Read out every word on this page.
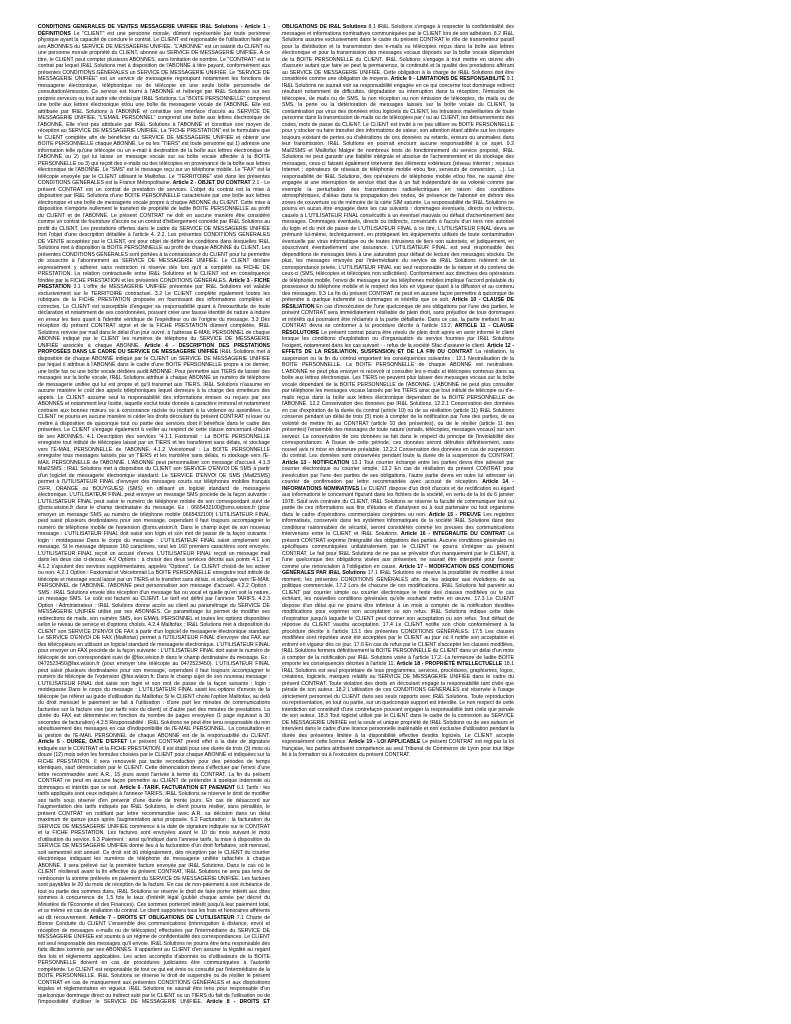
CONDITIONS GENERALES DE VENTES MESSAGERIE UNIFIEE IR&L Solutions - Article 1 - DÉFINITIONS Le "CLIENT" est une personne morale, dûment représentée par toute personne physique ayant la capacité de conclure le contrat. Le CLIENT est responsable de l'utilisation faite par ses ABONNES du SERVICE DE MESSAGERIE UNIFIÉE. "L'ABONNE" est un salarié du CLIENT ou une personne morale propriété du CLIENT, abonné au SERVICE DE MESSAGERIE UNIFIÉE. A ce titre, le CLIENT peut compter plusieurs ABONNES, sans limitation de nombre. Le "CONTRAT" est le contrat par lequel IR&L Solutions met à disposition de l'ABONNÉ à titre payant, conformément aux présentes CONDITIONS GÉNÉRALES un SERVICE DE MESSAGERIE UNIFIÉE. Le "SERVICE DE MESSAGERIE UNIFIÉE" est un service de messagerie regroupant notamment les fonctions de messagerie électronique, téléphonique ou de télécopie en une seule boîte personnelle de consultation/émission. Ce service est fourni à l'ABONNÉ et hébergé par IR&L Solutions sur ses propres serveurs ou tout autre site choisi par IR&L Solutions. La "BOITE PERSONNELLE" comprend une boîte aux lettres électronique et/ou une boîte de messagerie vocale de l'ABONNÉ. Elle est attribuée par IR&L Solutions à l'ABONNÉ et constitue son interface d'accès au SERVICE DE MESSAGERIE UNIFIÉE. "L'EMAIL PERSONNEL" comprend une boîte aux lettres électronique de l'ABONNÉ. Elle n'est pas attribuée par IR&L Solutions à l'ABONNÉ et constitue son moyen de réception au SERVICE DE MESSAGERIE UNIFIÉE. La "FICHE PRESTATION" est le formulaire que le CLIENT complète afin de bénéficier du SERVICE DE MESSAGERIE UNIFIÉE et obtenir une BOITE PERSONNELLE chaque ABONNÉ. Le ou les "TIERS" est toute personne qui 1) adresse une information telle qu'une télécopie ou un e-mail à destination de la boîte aux lettres électronique de l'ABONNÉ ou 2) qui lui laisse un message vocale sur sa boîte vocale affectée à la BOITE PERSONNELLE ou 3) qui reçoit des e-mails ou des télécopies en provenance de la boîte aux lettres électronique de l'ABONNÉ. Le "SMS" est le message reçu sur un téléphone mobile. Le "FAX" est la télécopie envoyée par le CLIENT utilisant le Mailtofax. Le "TERRITOIRE" visé dans les présentes CONDITIONS GÉNÉRALES est la France Métropolitaine. Article 2 - OBJET DU CONTRAT 2.1 - Le présent CONTRAT est un contrat de prestation de services. L'objet du contrat est la mise à disposition par IR&L Solutions d'une BOITE PERSONNELLE caractérisée par une boîte aux lettres électronique et une boîte de messagerie vocale propre à chaque ABONNÉ du CLIENT. Cette mise à disposition n'emporte nullement le transfert de propriété de ladite BOITE PERSONNELLE au profit du CLIENT et de l'ABONNÉ. Le présent CONTRAT ne doit en aucune manière être considéré comme un contrat de fourniture d'accès ou un contrat d'hébergement concédé par IR&L Solutions au profit du CLIENT. Les prestations offertes dans le cadre du SERVICE DE MESSAGERIE UNIFIÉE font l'objet d'une description détaillée à l'article 4. 2.2. Les présentes CONDITIONS GÉNÉRALES DE VENTE acceptées par le CLIENT, ont pour objet de définir les conditions dans lesquelles IR&L Solutions met à disposition la BOITE PERSONNELLE au profit de chaque ABONNÉ du CLIENT. Les présentes CONDITIONS GÉNÉRALES sont portées à la connaissance du CLIENT pour lui permettre de souscrire à l'abonnement au SERVICE DE MESSAGERIE UNIFIÉE. Le CLIENT déclare expressément y adhérer sans restriction ni réserve dès lors qu'il a complété sa FICHE DE PRESTATION. La relation contractuelle entre IR&L Solutions et le CLIENT est en conséquence fondée par la FICHE PRESTATION et les présentes CONDITIONS GÉNÉRALES. Article 3 - FICHE PRESTATION 3.1 L'offre de MESSAGERIE UNIFIÉE présentée par IR&L Solutions est valable exclusivement sur le TERRITOIRE contractuel. 3.2 Le CLIENT complète également toutes les rubriques de la FICHE PRESTATION proposée en fournissant des informations complètes et correctes. Le CLIENT est susceptible d'engager sa responsabilité quant à l'inexactitude de toute déclaration et notamment de ses coordonnées, pouvant créer une fausse identité de nature à induire en erreur les tiers quant à l'identité véridique de l'expéditeur ou de l'origine du message. 3.3 Dès réception du présent CONTRAT signé et de la FICHE PRESTATION dûment complétée, IR&L Solutions renvoie par mail dans le délai d'un jour ouvré, à l'adresse E-MAIL PERSONNEL de chaque ABONNÉ indiqué par le CLIENT les numéros de téléphone du SERVICE DE MESSAGERIE UNIFIÉE associés à chaque ABONNÉ. Article 4 - DESCRIPTION DES PRESTATIONS PROPOSÉES DANS LE CADRE DU SERVICE DE MESSAGERIE UNIFIÉE IR&L Solutions met à disposition de chaque ABONNÉ indiqué par le CLIENT un SERVICE DE MESSAGERIE UNIFIÉE par lequel il attribue à l'ABONNÉ dans le cadre d'une BOITE PERSONNELLE propre à ce dernier, une boîte fax ou une boîte vocale dédiées audit ABONNÉ. Pour permettre aux TIERS de laisser des messages sur la boîte vocale, IR&L Solutions attribue à chaque ABONNÉ un numéro de téléphone de messagerie unifiée qui lui est propre et qu'il transmet aux TIERS. IR&L Solutions n'assume en aucune manière le coût des appels téléphoniques lequel demeure à la charge des émetteurs des appels. Le CLIENT assume seul la responsabilité des informations émises ou reçues par ses ABONNÉS et notamment leur licéité, laquelle exclut toute donnée à caractère immoral et notamment contraire aux bonnes mœurs ou à consonance raciste ou incitant à la violence ou assimilées. Le CLIENT ne pourra en aucune manière ni céder les droits découlant du présent CONTRAT ni louer ou mettre à disposition de quiconque tout ou partie des services dont il bénéficie dans le cadre des présentes. Le CLIENT s'engage également à veiller au respect de cette clause concernant chacun de ses ABONNÉS. 4.1 Description des services "4.1.1 Faxtomail : La BOITE PERSONNELLE enregistre tout intitulé de télécopies laissé par un TIERS et les transfèrent sans délais, ni stockage vers l'E-MAIL PERSONNELLE de l'ABONNÉ. 4.1.2 Voicetomail : La BOITE PERSONNELLE enregistre tous messages laissés par un TIERS et les transfère sans délais, ni stockage vers l'E-MAIL PERSONNELLE de l'ABONNÉ. L'ABONNÉ peut personnaliser son message d'accueil. 4.1.3 Mail2SMS : IR&L Solutions met à disposition du CLIENT son SERVICE D'ENVOI DE SMS à partir d'un logiciel de messagerie électronique standard. Le SERVICE D'ENVOI DE SMS (Mail2SMS) permet à l'UTILISATEUR FINAL d'envoyer des messages courts sur téléphones mobiles français (SFR, ORANGE ou BOUYGUES) (SMS) en utilisant un logiciel standard de messagerie électronique. L'UTILISATEUR FINAL peut envoyer un message SMS procède de la façon suivante : L'UTILISATEUR FINAL peut saisir le numéro de téléphone mobile de son correspondant suivi de @sms.wision.fr dans le champ destinataire du message. Ex : 0665432100@sms.wision.fr (pour envoyer un message SMS au numéro de téléphone mobile 0665432100) L'UTILISATEUR FINAL peut saisir plusieurs destinataires pour son message, cependant il faut toujours accompagner le numéro de téléphone mobile de l'extension @sms.wision.fr. Dans le champ sujet de son nouveau message : L'UTILISATEUR FINAL doit saisir son login et son mot de passe de la façon suivante : login : motdepasse Dans le corps du message : L'UTILISATEUR FINAL saisit simplement son message. Si le message dépasse 160 caractères, seul les 160 premiers caractères sont envoyés. L'UTILISATEUR FINAL reçoit un accusé d'envoi. L'UTILISATEUR FINAL reçoit un message mail dans les deux cas ci-dessus. 4.2 Options : à choisir des deux services décrits aux points 4.1.1 et 4.1.2 s'ajoutent des services supplémentaires, appelés "Options". Le CLIENT choisit de les activer ou non. 4.2.1 Option : Faxtomail et Voicetomail La BOITE PERSONNELLE enregistre tout intitulé de télécopie et message vocal laissé par un TIERS et le transfert sans délais, ni stockage vers l'E-MAIL PERSONNEL de l'ABONNÉ. l'ABONNÉ peut personnaliser son message d'accueil. 4.2.2 Option : SMS : IR&L Solutions envoie dès réception d'un message fax ou vocal et quelle qu'en soit la nature, un message SMS. Le coût est facturé au CLIENT. Le tarif est défini par l'annexe TARIFS. 4.2.3 Option : Administrateur : IR&L Solutions donne accès au client au paramétrage du SERVICE DE MESSAGERIE UNIFIÉE utilisé par ses ABONNÉS. Ce paramétrage lui permet de modifier ses redirections de mails, son numéro SMS, son EMAIL PERSONNEL et toutes les options disponibles selon le niveau de service et d'options choisis. 4.2.4 Mailtofax : IR&L Solutions met à disposition du CLIENT son SERVICE D'ENVOI DE FAX à partir d'un logiciel de messagerie électronique standard. Le SERVICE D'ENVOI DE FAX (Mailtofax) permet à l'UTILISATEUR FINAL d'envoyer des FAX sur des télécopieurs en utilisant un logiciel standard de messagerie électronique. L'UTILISATEUR FINAL pour envoyer un FAX procède de la façon suivante : L'UTILISATEUR FINAL doit saisir le numéro de télécopie de son correspondant suivi de @fax.wision.fr dans le champ destinataire du message. Ex : 0472523450@fax.wision.fr (pour envoyer une télécopie au 0472523450). L'UTILISATEUR FINAL peut saisir plusieurs destinataires pour son message, cependant il faut toujours accompagner le numéro de télécopie de l'extension @fax.wision.fr. Dans le champ sujet de son nouveau message : L'UTILISATEUR FINAL doit saisir son login et son mot de passe de la façon suivante : login : motdepasse Dans le corps du message : L'UTILISATEUR FINAL saisit les options d'envois de la télécopie (se référer au guide d'utilisation du Mailtofax Si le CLIENT choisi l'option Mailtofax, au delà du droit mensuel le paiement se fait à l'utilisation : d'une part les minutes de communications facturées sur la facture voix (sur tarifs voix du client) et d'autre part des minutes de prestations. La durée du FAX est déterminée en fonction du nombre de pages envoyées (1 page équivaut à 30 secondes de facturation) 4.2.5 Responsabilité : IR&L Solutions ne peut être tenu responsable du non aboutissement des messages en cas d'indisponibilité de l'E-MAIL PERSONNEL. La consultation et la gestion de l'E-MAIL PERSONNEL de chaque ABONNÉ est de la responsabilité du CLIENT. Article 5 - DURÉE, DATE D'EFFET Le présent CONTRAT prend effet à la date de signature indiquée sur le CONTRAT et la FICHE PRESTATION. Il est établi pour une durée de trois (3) mois ou douze (12) mois selon les formules choisies par le CLIENT pour chaque ABONNÉ et indiquées sur la FICHE PRESTATION. Il sera renouvelé par tacite reconduction pour des périodes de temps identiques, sauf dénonciation par le CLIENT. Cette dénonciation devra s'effectuer par l'envoi d'une lettre recommandée avec A.R., 15 jours avant l'arrivée à terme du CONTRAT. La fin du présent CONTRAT ne peut en aucune façon permettre au CLIENT de prétendre à quelque indemnité ou dommages et intérêts que ce soit. Article 6 -TARIF, FACTURATION ET PAIEMENT 6.1 Tarifs : les tarifs appliqués sont ceux indiqués à l'annexe TARIFS. IR&L Solutions se réserve le droit de modifier ses tarifs sous réserve d'en prévenir d'une durée de trente jours. En cas de désaccord sur l'augmentation des tarifs indiqués par IR&L Solutions, le client pourra résilier, sans pénalités, le présent CONTRAT en notifiant par lettre recommandée avec A.R. sa décision dans un délai maximum de quinze jours après l'augmentation ainsi proposée. 6.2 Facturation : la facturation du SERVICE DE MESSAGERIE UNIFIÉE commence à la date de signature indiquée sur le CONTRAT et la FICHE PRESTATION. Les factures sont envoyées avant le 10 du mois suivant le mois d'utilisation du service. 6.3 Paiement : ainsi qu'indiqué dans l'annexe tarifs, la mise à disposition du SERVICE DE MESSAGERIE UNIFIÉE donne lieu à la facturation d'un droit forfaitaire, soit mensuel, soit semestriel soit annuel. Ce droit est dû intégralement, dès réception par le CLIENT du courrier électronique indiquant les numéros de téléphone de messagerie unifiée rattachés à chaque ABONNÉ. Il sera prélevé sur la première facture envoyée par IR&L Solutions. Dans le cas où le CLIENT résilierait avant la fin effective du présent CONTRAT, IR&L Solutions ne sera pas tenu de rembourser la somme prélevée en paiement du SERVICE DE MESSAGERIE UNIFIÉE. Les factures sont payables le 20 du mois de réception de la facture. En cas de non-paiement à son échéance de tout ou partie des sommes dues, IR&L Solutions se réserve le droit de faire porter intérêt aux dites sommes à concurrence de 1,5 fois le taux d'intérêt légal (publié chaque année par décret du Ministère de l'Économie et des Finances). Ces sommes porteront intérêt jusqu'à leur paiement total, et ce même en cas de résiliation du contrat. Le client supportera tous les frais et honoraires afférents au dit recouvrement. Article 7 - DROITS ET OBLIGATIONS DE L'UTILISATEUR 7.1 Charte de Bonne Conduite du CLIENT L'ensemble des communications (interrogation à distance, envoi et réception de messages e-mails ou de télécopies) effectuées par l'intermédiaire du SERVICE DE MESSAGERIE UNIFIÉE est soumis à un régime de confidentialité des correspondances. Le CLIENT est seul responsable des messages qu'il envoie. IR&L Solutions ne pourra être tenu responsable des faits illicites commis par ses ABONNÉS. Il appartient au CLIENT d'en assurer la légalité au regard des lois et règlements applicables. Les actes accomplis d'abonnés ou d'utilisateurs de la BOITE PERSONNELLE doivent en cas de procédures judiciaires être communiquées à l'autorité compétente. Le CLIENT est responsable de tout ce qui est émis ou consulté par l'intermédiaire de la BOITE PERSONNELLE. IR&L Solutions se réserve le droit de suspendre ou de résilier le présent CONTRAT en cas de manquement aux présentes CONDITIONS GÉNÉRALES et aux dispositions légales et réglementaires en vigueur. IR&L Solutions ne saurait être tenu pour responsable d'un quelconque dommage direct ou indirect subi par le CLIENT ou un TIERS du fait de l'utilisation ou de l'impossibilité d'utiliser le SERVICE DE MESSAGERIE UNIFIÉE. Article 8 - DROITS ET OBLIGATIONS DE IR&L Solutions 8.1 IR&L Solutions s'engage à respecter la confidentialité des messages et informations nominatives communiquées par le CLIENT lors de son adhésion. 8.2 IR&L Solutions assume exclusivement dans le cadre du présent CONTRAT le rôle de transmetteur passif pour la distribution et la transmission des e-mails ou télécopies reçus dans la boîte aux lettres électronique et pour la transmission des messages vocaux déposés sur la boîte vocale dépendant de la BOITE PERSONNELLE du CLIENT. IR&L Solutions s'engage à tout mettre en œuvre afin d'assurer autant que faire se peut la permanence, la continuité et la qualité des prestations afférant au SERVICE DE MESSAGERIE UNIFIÉE. Cette obligation à la charge de IR&L Solutions doit être considérée comme une obligation de moyens. Article 9 - LIMITATIONS DE RESPONSABILITÉ 9.1 IR&L Solutions ne saurait voir sa responsabilité engagée en ce qui concerne tout dommage indirect résultant notamment de difficultés, dégradation ou interruption dans la réception, l'émission de télécopies, de mails ou de SMS, la non réception ou non émission de télécopies, de mails ou de SMS, la perte ou la détérioration de messages laissés sur la boîte vocale du CLIENT, la contamination par virus des données et/ou logiciels du CLIENT, les intrusions malveillantes de toute personne dans la transmission de mails ou de télécopies par / ou au CLIENT, les détournements des codes, mots de passe du CLIENT. Le CLIENT est invité à ne pas utiliser sa BOITE PERSONNELLE pour y stocker ou faire transiter des informations de valeur, son attention étant attirée sur les risques toujours existant de pertes ou d'altérations de ces données ou retards, erreurs ou anomalies dans leur transmission. IR&L Solutions en pourrait encourir aucune responsabilité à ce sujet. 9.2 Mail2SMS et Mailtofax Malgré de nombreux tests de fonctionnement du service proposé, IR&L Solutions ne peut garantir une fiabilité intégrale et absolue de l'acheminement et du stockage des messages, ceux-ci faisant également intervenir des éléments extérieurs (réseau internet ; réseaux Internet ; opérateurs de réseaux de téléphonie mobile et/ou fixe, serveurs de conversion, ...). La responsabilité de IR&L Solutions, des opérateurs de téléphonie mobile et/ou fixe, ne saurait être engagée si une interruption de service était due à un fait indépendant de sa volonté comme par exemple la perturbation des transmissions radioélectriques en raison des conditions atmosphériques, d'aléas dans la propagation des ondes, de présence de l'abonné en dehors des zones de couverture ou de mémoire de la carte SIM saturée. La responsabilité de IR&L Solutions ne pourra en aucun être engagée dans les cas suivants : dommages éventuels, directs ou indirects, causés à L'UTILISATEUR FINAL consécutifs à un éventuel mauvais ou défaut d'acheminement des messages. Dommages éventuels, directs ou indirects, consécutifs à l'accès d'un tiers non autorisé du login et du mot de passe de L'UTILISATEUR FINAL à ce titre, L'UTILISATEUR FINAL devra se prémunir lui-même, techniquement, en protégeant les équipements utilisés de toute contamination éventuelle par virus informatique ou de toutes intrusions de tiers non autorisés, et judiquement, en souscrivant éventuellement une assurance. L'UTILISATEUR FINAL est seul responsable des dépenditions de messages liées à une saturation pour défaut de lecture des messages stockés. De plus, les messages envoyés par l'intermédiaire du service de IR&L Solutions relèvent de la correspondance privée, L'UTILISATEUR FINAL est seul responsable de la nature et du contenu de ceux-ci (SMS, télécopies et télécopies non sollicitées). Conformément aux directives des opérateurs de téléphonie mobile, l'envoi de messages sur les téléphones mobiles implique l'accord préalable du possesseur du téléphone mobile et le respect des lois en vigueur quant à la diffusion et au contenu des messages. 9.3 La fin du présent CONTRAT ne peut en aucune façon permettre à quiconque de prétendre à quelque indemnité ou dommages et intérêts que ce soit. Article 10 - CLAUSE DE RÉSILIATION En cas d'inexécution de l'une quelconque de ses obligations par l'une des parties, le présent CONTRAT sera immédiatement résiliable de plein droit, sans préjudice de tous dommages et intérêts qui pourraient être réclamés à la partie défaillante. Dans ce cas, la partie mettant fin au CONTRAT devra se conformer à la procédure décrite à l'article 13.2. ARTICLE 11 - CLAUSE RÉSOLUTOIRE Le présent contrat pourra être résolu de plein droit après en avoir informé le client lorsque les conditions d'exploitation ou d'organisation du service fournies par IR&L Solutions l'exigent, notamment dans les cas suivant : - refus de la société Sfac d'assurer le client. Article 12 - EFFETS DE LA RÉSILIATION, SUSPENSION ET DE LA FIN DU CONTRAT La résiliation, la suspension ou la fin du contrat emportent les conséquences suivantes : 12.1 Neutralisation de la BOITE PERSONNELLE. La BOITE PERSONNELLE de chaque ABONNÉ est neutralisée. L'ABONNÉ ne peut plus envoyer ni recevoir ni consulter les e-mails et télécopies contenus dans sa boîte aux lettres électronique. Les TIERS ne peuvent plus laisser des messages vocaux sur la boîte vocale dépendant de la BOITE PERSONNELLE de l'ABONNÉ. L'ABONNÉ ne peut plus consulter par téléphone les messages vocaux laissés par les TIERS ainsi que tout intitulé de télécopie ou d'e-mails reçus dans la boîte aux lettres électronique dépendant de la BOITE PERSONNELLE de l'ABONNÉ. 12.2 Conservation des données par IR&L Solutions. 12.2.1 Conservation des données en cas d'expiration de la durée du contrat (article 10) ou de sa résiliation (article 11) IR&L Solutions conserve pendant un délai de trois (3) mois à compter de la notification par l'une des parties, de sa volonté de mettre fin au CONTRAT (article 10 des présentes), ou de le résilier (article 11 des présentes) l'ensemble des messages de toute nature (emails, télécopies, messages vocaux) sur son serveur. La conservation de ces données se fait dans le respect du principe de l'inviolabilité des correspondances. A l'issue de cette période, ces données seront détruites définitivement, sans nouvel avis ni mise en demeure préalable. 12.2.2 Conservation des données en cas de suspension du contrat. Les données sont conservées pendant toute la durée de la suspension du CONTRAT. Article 13 - NOTIFICATION 13.1 Tout courrier échangé entre les parties devra être adressé par courrier électronique ou courrier simple. 13.2 En cas de résiliation du présent CONTRAT pour inexécution par l'une des parties de ses obligations, l'autre partie devra en outre lui adresser un courrier de confirmation par lettre recommandée avec accusé de réception. Article 14 - INFORMATIONS NOMINATIVES Le CLIENT dispose d'un droit d'accès et de rectification eu égard aux informations le concernant figurant dans les fichiers de la société, en vertu de la loi du 6 janvier 1978. Sauf avis contraire du CLIENT, IR&L Solutions se réserve la faculté de communiquer tout ou partie de ces informations aux fins d'études et d'analyses ou à tout partenaire ou tout organisme dans le cadre d'opérations commerciales conjointes ou non. Article 15 - PREUVE Les registres informatisés, conservés dans les systèmes informatiques de la société IR&L Solutions dans des conditions raisonnables de sécurité, seront considérés comme les preuves des communications intervenues entre le CLIENT et IR&L Solutions. Article 16 - INTEGRALITE DU CONTRAT Le présent CONTRAT exprime l'intégralité des obligations des parties. Aucune conditions générales ou spécifiques communiquées unilatéralement par le CLIENT ne pourra s'intégrer au présent CONTRAT. Le fait pour IR&L Solutions de ne pas se prévaloir d'un manquement par le CLIENT, à l'une quelconque des obligations visées aux présentes, ne saurait être interprété pour l'avenir comme une renonciation à l'obligation en cause. Article 17 - MODIFICATION DES CONDITIONS GÉNÉRALES PAR IR&L Solutions 17.1 IR&L Solutions se réserve la possibilité de modifier à tout moment, les présentes CONDITIONS GÉNÉRALES afin de les adapter aux évolutions de sa politique commerciale. 17.2 Lors de chacune de ces modifications, IR&L Solutions fait parvenir au CLIENT par courrier simple ou courrier électronique le texte des clauses modifiées ou le cas échéant, les nouvelles conditions générales qu'elle souhaite mettre en œuvre. 17.3 Le CLIENT dispose d'un délai qui ne pourra être inférieur à un mois à compter de la notification desdites modifications pour exprimer son acceptation ou son refus. IR&L Solutions indique cette date d'expiration jusqu'à laquelle le CLIENT peut donner son acceptation ou son refus. Tout défaut de réponse du CLIENT vaudra acceptation. 17.4 Le CLIENT notifie son choix conformément à la procédure décrite à l'article 13.1 des présentes CONDITIONS GÉNÉRALES. 17.5 Les clauses modifiées sont réputées avoir été acceptées par le CLIENT au jour où il notifie son acceptation et entrent en vigueur dès ce jour. 17.6 En cas de refus par le CLIENT d'accepter les clauses modifiées, IR&L Solutions fermera définitivement la BOITE PERSONNELLE du CLIENT dans un délai d'un mois à compter de la notification par IR&L Solutions visée à l'article 17.2. La fermeture de ladite BOITE emporte les conséquences décrites à l'article 11. Article 18 - PROPRIÉTÉ INTELLECTUELLE 18.1 IR&L Solutions est seul propriétaire de tous programmes, services, procédures, graphismes, logos, créations, logiciels, marques relatifs au SERVICE DE MESSAGERIE UNIFIÉE dans le cadre du présent CONTRAT. Toute violation des droits en découlant engage la responsabilité tant civile que pénale de son auteur. 18.2 L'utilisation de ces CONDITIONS GÉNÉRALES est réservée à l'usage strictement personnel du CLIENT dans ses seuls rapports avec IR&L Solutions. Toute reproduction ou représentation, en tout ou partie, sur un quelconque support est interdite. Le non respect de cette interdiction est constitutif d'une contrefaçon pouvant engager la responsabilité tant civile que pénale de son auteur. 18.3 Tout logiciel utilisé par le CLIENT dans le cadre de la connexion au SERVICE DE MESSAGERIE UNIFIÉE est la seule et unique propriété de IR&L Solutions ou de ses auteurs et intervient dans le cadre d'une licence personnelle inaliénable et non exclusive d'utilisation pendant la durée des présentes limitée à la disponibilité effective desdits logiciels. Le CLIENT accepte expressément cette licence. Article 19 - LOI APPLICABLE Le présent CONTRAT est régi par la loi française, les parties attribuent compétence au seul Tribunal de Commerce de Lyon pour tout litige lié à la formation ou à l'exécution du présent CONTRAT.
